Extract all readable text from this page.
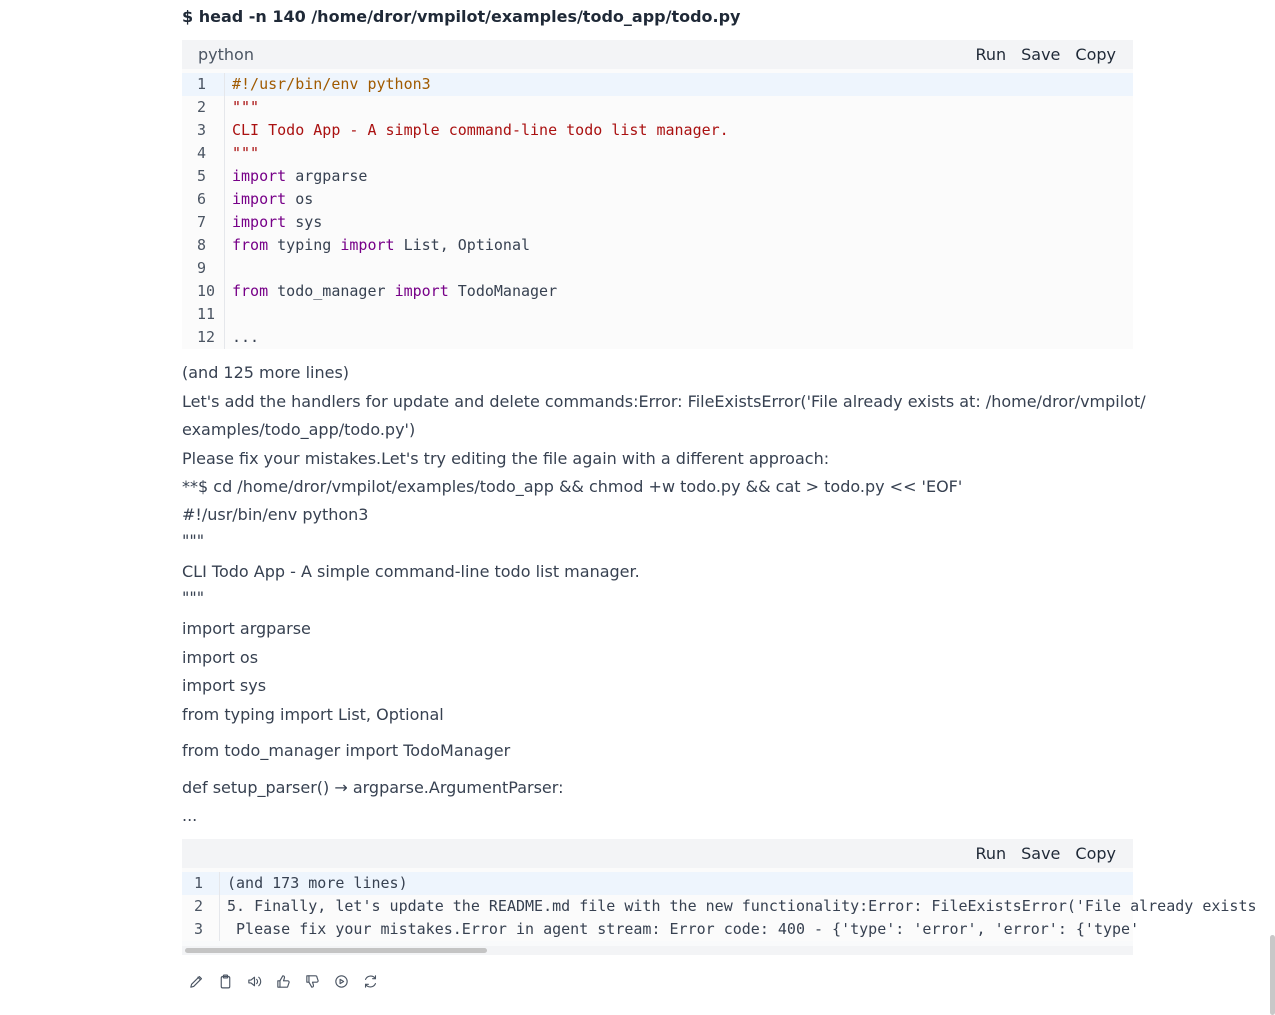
$ head -n 140 /home/dror/vmpilot/examples/todo_app/todo.py
python	Run Save Copy
1	#!/usr/bin/env python3
2	"""
3	CLI Todo App - A simple command-line todo list manager.
4	"""
5	import argparse
6	import os
7	import sys
8	from typing import List, Optional
9
10	from todo_manager import TodoManager
11
12	...
(and 125 more lines)
Let's add the handlers for update and delete commands:Error: FileExistsError('File already exists at: /home/dror/vmpilot/
examples/todo_app/todo.py')
Please fix your mistakes.Let's try editing the file again with a different approach:
**$ cd /home/dror/vmpilot/examples/todo_app && chmod +w todo.py && cat > todo.py << 'EOF'
#!/usr/bin/env python3
"""
CLI Todo App - A simple command-line todo list manager.
"""
import argparse
import os
import sys
from typing import List, Optional
from todo_manager import TodoManager
def setup_parser() → argparse.ArgumentParser:
...
Run Save Copy
1	(and 173 more lines)
2	5. Finally, let's update the README.md file with the new functionality:Error: FileExistsError('File already exists
3	Please fix your mistakes.Error in agent stream: Error code: 400 - {'type': 'error', 'error': {'type'
